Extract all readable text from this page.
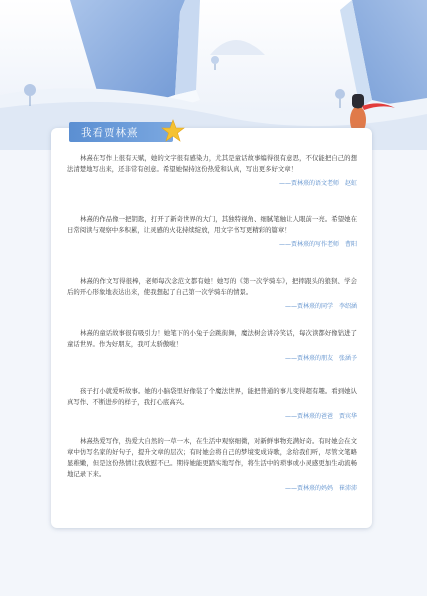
我看贾林熹

林熹在写作上很有天赋，她的文字很有感染力，尤其是童话故事编得很有意思，不仅能把自己的想法清楚地写出来，还非常有创意。希望她保持这份热爱和认真，写出更多好文章！

——贾林熹的语文老师　赵虹

林熹的作品像一把钥匙，打开了新奇世界的大门，其独特视角、细腻笔触让人眼前一亮。希望她在日常阅读与观察中多积累，让灵感的火花持续绽放，用文字书写更精彩的篇章！

——贾林熹的写作老师　曹阳

林熹的作文写得很棒，老师每次念范文都有她！她写的《第一次学骑车》，把摔跟头的狼狈、学会后的开心形象地表达出来，使我想起了自己第一次学骑车的情景。

——贾林熹的同学　李绍涵

林熹的童话故事很有吸引力！她笔下的小兔子会跳街舞，魔法树会讲冷笑话，每次读都好像钻进了童话世界。作为好朋友，我可太骄傲啦！

——贾林熹的朋友　张涵予

孩子打小就爱听故事。她的小脑袋里好像装了个魔法世界，能把普通的事儿变得超有趣。看到她认真写作、不断进步的样子，我打心底高兴。

——贾林熹的爸爸　贾宾华

林熹热爱写作，热爱大自然的一草一木，在生活中观察细微，对新鲜事物充满好奇。有时她会在文章中仿写名家的好句子，提升文章的层次；有时她会将自己的梦境变成诗歌，念给我们听，尽管文笔略显稚嫩，但是这份热情让我欣慰不已。期待她能更踏实地写作，将生活中的琐事或小灵感更加生动流畅地记录下来。

——贾林熹的妈妈　崔沛沛
